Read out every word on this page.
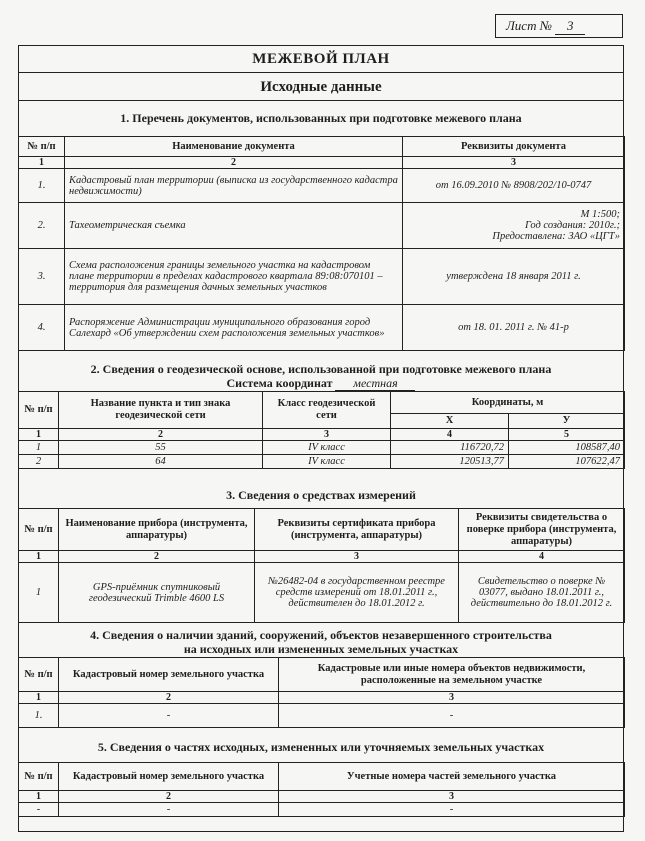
Лист № 3
МЕЖЕВОЙ ПЛАН
Исходные данные
1. Перечень документов, использованных при подготовке межевого плана
№ п/п	Наименование документа	Реквизиты документа
1	2	3
1.	Кадастровый план территории (выписка из государственного кадастра недвижимости)	от 16.09.2010 № 8908/202/10-0747
2.	Тахеометрическая съемка	М 1:500;
Год создания: 2010г.;
Предоставлена: ЗАО «ЦГТ»

3.	Схема расположения границы земельного участка на кадастровом плане территории в пределах кадастрового квартала 89:08:070101 – территория для размещения дачных земельных участков	утверждена 18 января 2011 г.
4.	Распоряжение Администрации муниципального образования город Салехард «Об утверждении схем расположения земельных участков»	от 18. 01. 2011 г. № 41-р
2. Сведения о геодезической основе, использованной при подготовке межевого плана
Система координат местная
№ п/п	Название пункта и тип знака геодезической сети	Класс геодезической сети	Координаты, м	
			Х	У
1	2	3	4	5
1	55	IV класс	116720,72	108587,40
2	64	IV класс	120513,77	107622,47
3. Сведения о средствах измерений
№ п/п	Наименование прибора (инструмента, аппаратуры)	Реквизиты сертификата прибора (инструмента, аппаратуры)	Реквизиты свидетельства о поверке прибора (инструмента, аппаратуры)
1	2	3	4
1	GPS-приёмник спутниковый геодезический Trimble 4600 LS	№26482-04 в государственном реестре средств измерений от 18.01.2011 г., действителен до 18.01.2012 г.	Свидетельство о поверке № 03077, выдано 18.01.2011 г., действительно до 18.01.2012 г.
4. Сведения о наличии зданий, сооружений, объектов незавершенного строительства
на исходных или измененных земельных участках
№ п/п	Кадастровый номер земельного участка	Кадастровые или иные номера объектов недвижимости, расположенные на земельном участке
1	2	3
1.	-	-
5. Сведения о частях исходных, измененных или уточняемых земельных участках
№ п/п	Кадастровый номер земельного участка	Учетные номера частей земельного участка
1	2	3
-	-	-
